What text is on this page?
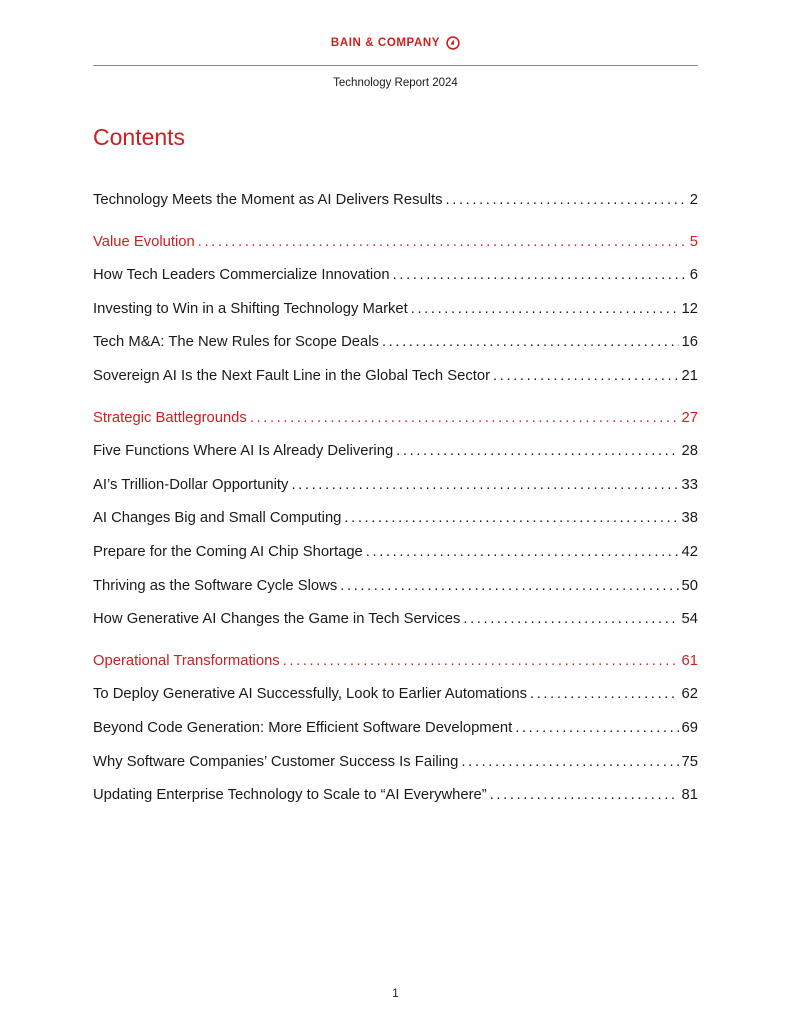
BAIN & COMPANY
Technology Report 2024
Contents
Technology Meets the Moment as AI Delivers Results .....	2
Value Evolution .....	5
How Tech Leaders Commercialize Innovation .....	6
Investing to Win in a Shifting Technology Market .....	12
Tech M&A: The New Rules for Scope Deals .....	16
Sovereign AI Is the Next Fault Line in the Global Tech Sector .....	21
Strategic Battlegrounds .....	27
Five Functions Where AI Is Already Delivering .....	28
AI’s Trillion-Dollar Opportunity .....	33
AI Changes Big and Small Computing .....	38
Prepare for the Coming AI Chip Shortage .....	42
Thriving as the Software Cycle Slows .....	50
How Generative AI Changes the Game in Tech Services .....	54
Operational Transformations .....	61
To Deploy Generative AI Successfully, Look to Earlier Automations .....	62
Beyond Code Generation: More Efficient Software Development .....	69
Why Software Companies’ Customer Success Is Failing .....	75
Updating Enterprise Technology to Scale to “AI Everywhere” .....	81
1
